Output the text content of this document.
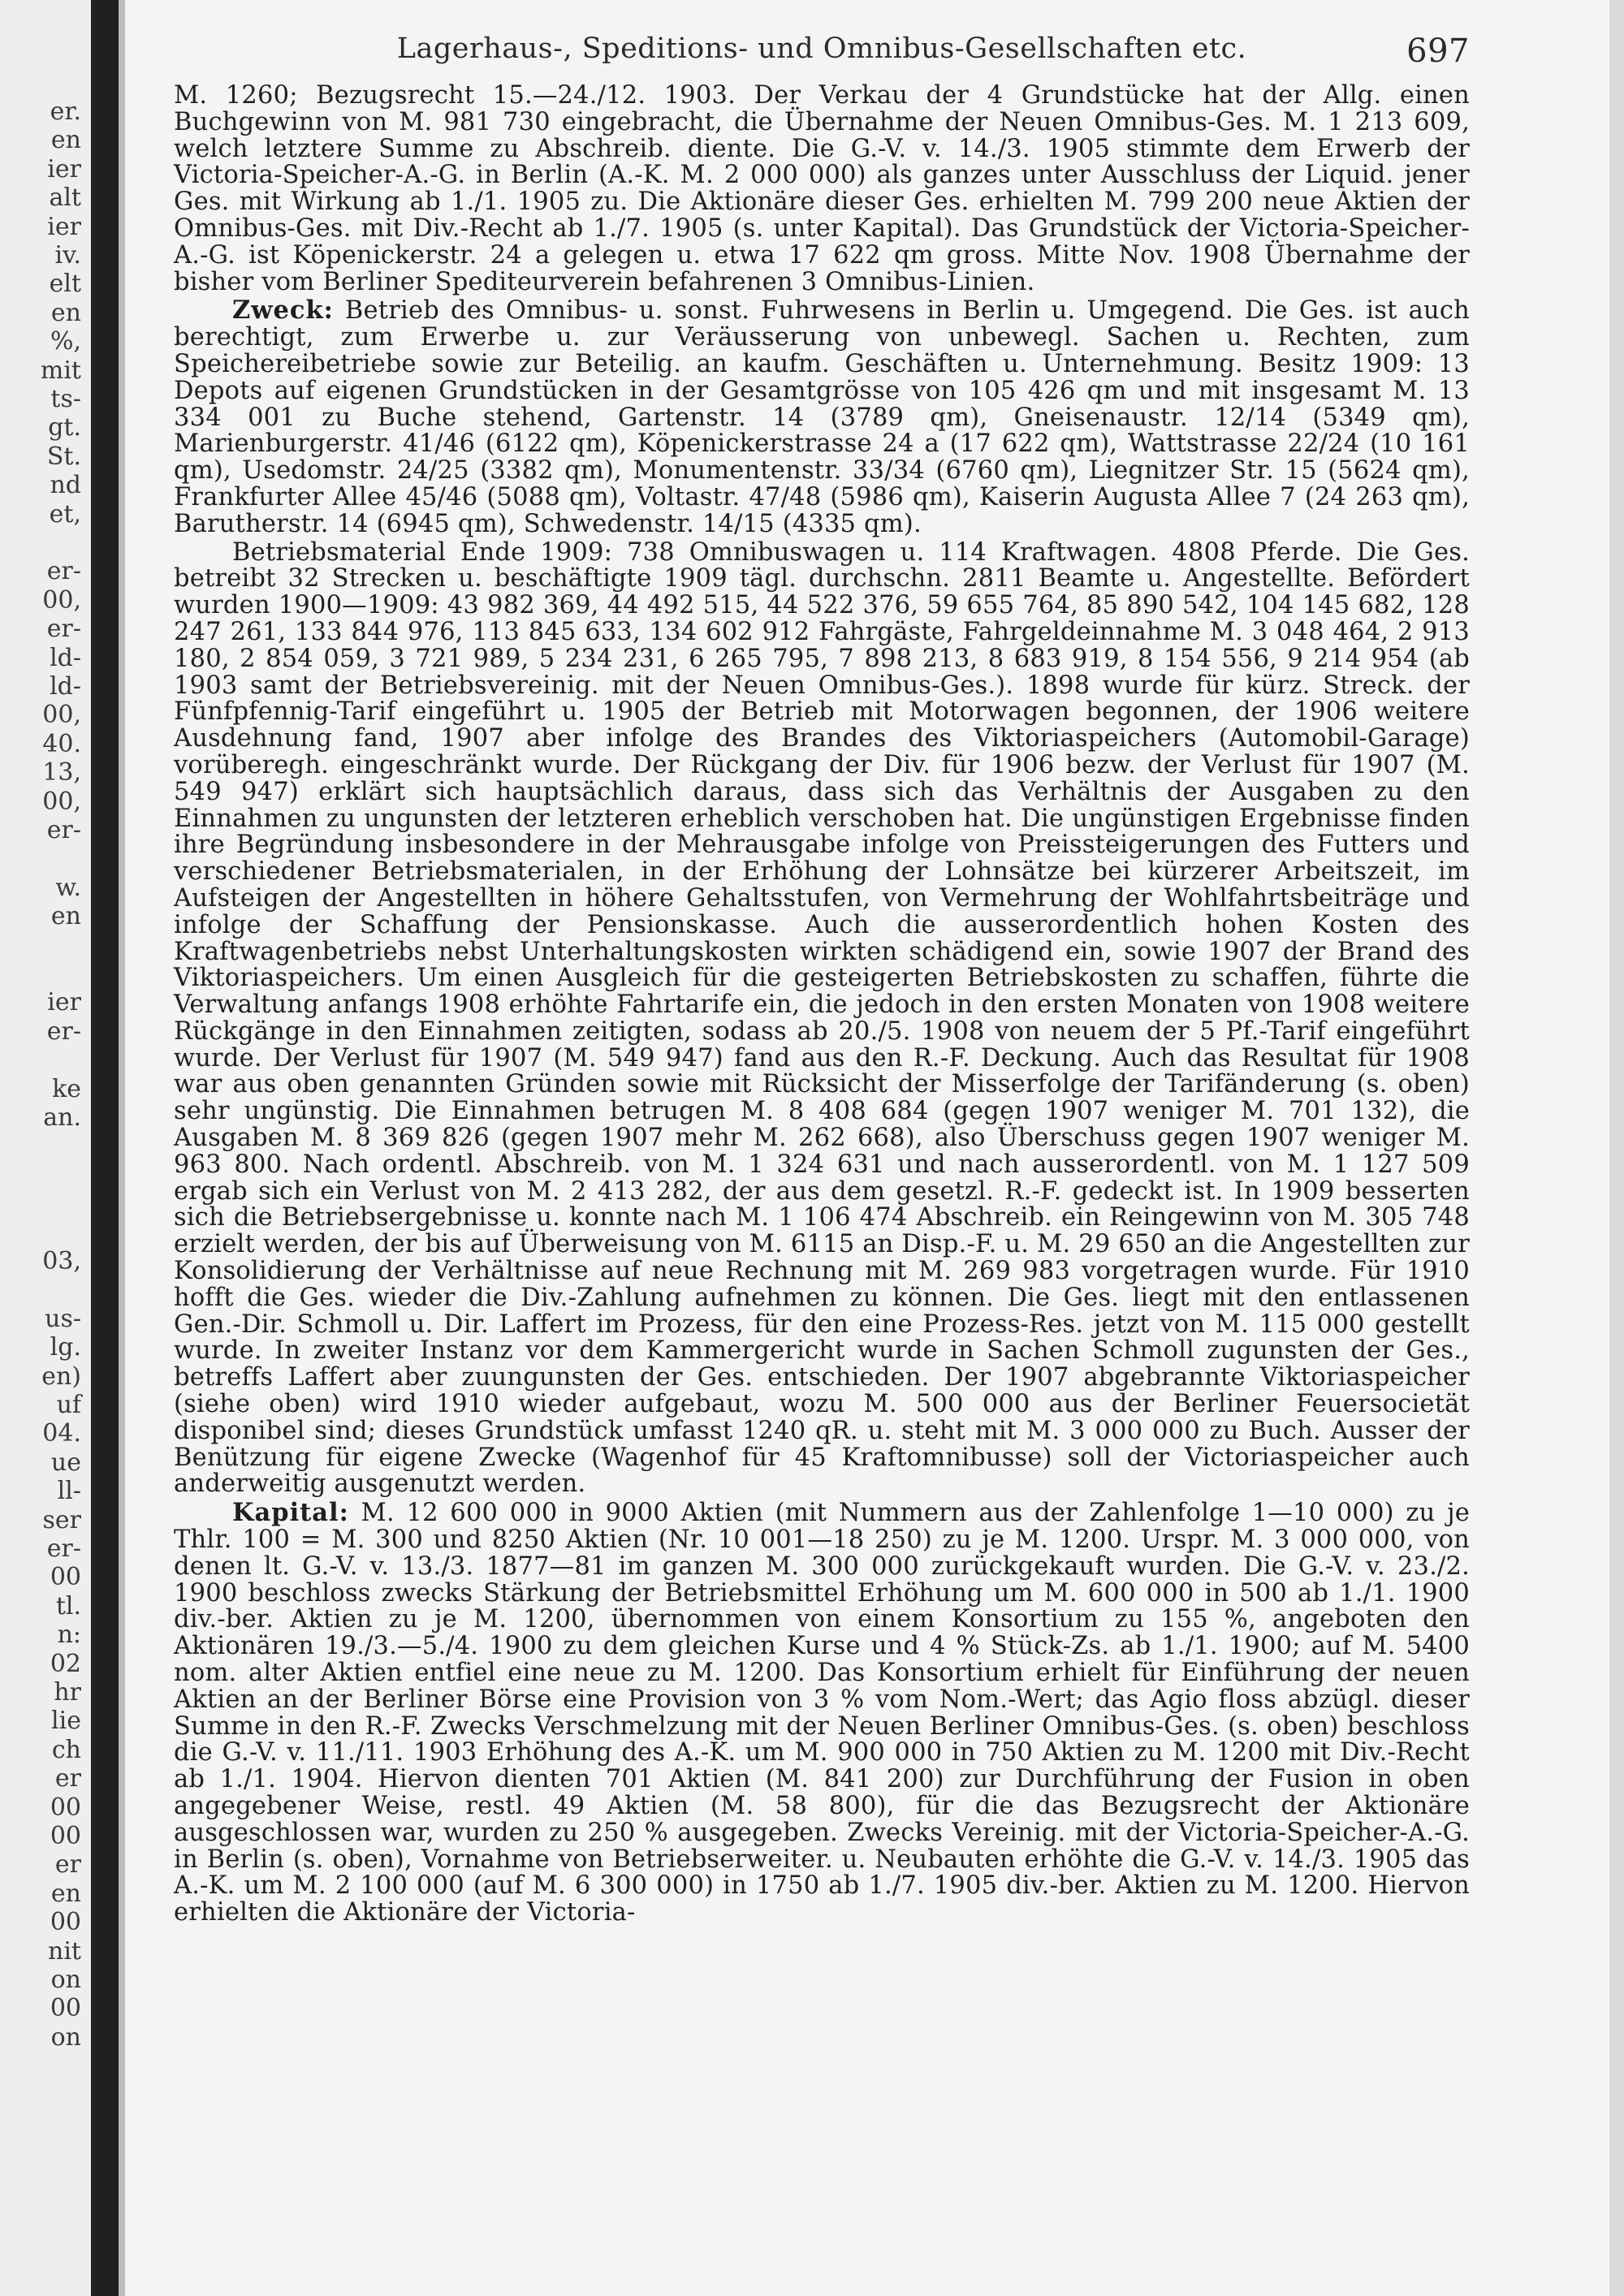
er.
en
ier
alt
ier
iv.
elt
en
%,
mit
ts-
gt.
St.
nd
et,
er-
00,
er-
ld-
ld-
00,
40.
13,
00,
er-
w.
en
ier
er-
ke
an.
03,
us-
lg.
en)
uf
04.
ue
ll-
ser
er-
00
tl.
n:
02
hr
lie
ch
er
00
00
er
en
00
nit
on
00
on
Lagerhaus-, Speditions- und Omnibus-Gesellschaften etc.	697

M. 1260; Bezugsrecht 15.—24./12. 1903. Der Verkau der 4 Grundstücke hat der Allg. einen Buchgewinn von M. 981 730 eingebracht, die Übernahme der Neuen Omnibus-Ges. M. 1 213 609, welch letztere Summe zu Abschreib. diente. Die G.-V. v. 14./3. 1905 stimmte dem Erwerb der Victoria-Speicher-A.-G. in Berlin (A.-K. M. 2 000 000) als ganzes unter Ausschluss der Liquid. jener Ges. mit Wirkung ab 1./1. 1905 zu. Die Aktionäre dieser Ges. erhielten M. 799 200 neue Aktien der Omnibus-Ges. mit Div.-Recht ab 1./7. 1905 (s. unter Kapital). Das Grundstück der Victoria-Speicher-A.-G. ist Köpenickerstr. 24 a gelegen u. etwa 17 622 qm gross. Mitte Nov. 1908 Übernahme der bisher vom Berliner Spediteurverein befahrenen 3 Omnibus-Linien.

Zweck: Betrieb des Omnibus- u. sonst. Fuhrwesens in Berlin u. Umgegend. Die Ges. ist auch berechtigt, zum Erwerbe u. zur Veräusserung von unbewegl. Sachen u. Rechten, zum Speichereibetriebe sowie zur Beteilig. an kaufm. Geschäften u. Unternehmung. Besitz 1909: 13 Depots auf eigenen Grundstücken in der Gesamtgrösse von 105 426 qm und mit insgesamt M. 13 334 001 zu Buche stehend, Gartenstr. 14 (3789 qm), Gneisenaustr. 12/14 (5349 qm), Marienburgerstr. 41/46 (6122 qm), Köpenickerstrasse 24 a (17 622 qm), Wattstrasse 22/24 (10 161 qm), Usedomstr. 24/25 (3382 qm), Monumentenstr. 33/34 (6760 qm), Liegnitzer Str. 15 (5624 qm), Frankfurter Allee 45/46 (5088 qm), Voltastr. 47/48 (5986 qm), Kaiserin Augusta Allee 7 (24 263 qm), Barutherstr. 14 (6945 qm), Schwedenstr. 14/15 (4335 qm).

Betriebsmaterial Ende 1909: 738 Omnibuswagen u. 114 Kraftwagen. 4808 Pferde. Die Ges. betreibt 32 Strecken u. beschäftigte 1909 tägl. durchschn. 2811 Beamte u. Angestellte. Befördert wurden 1900—1909: 43 982 369, 44 492 515, 44 522 376, 59 655 764, 85 890 542, 104 145 682, 128 247 261, 133 844 976, 113 845 633, 134 602 912 Fahrgäste, Fahrgeldeinnahme M. 3 048 464, 2 913 180, 2 854 059, 3 721 989, 5 234 231, 6 265 795, 7 898 213, 8 683 919, 8 154 556, 9 214 954 (ab 1903 samt der Betriebsvereinig. mit der Neuen Omnibus-Ges.). 1898 wurde für kürz. Streck. der Fünfpfennig-Tarif eingeführt u. 1905 der Betrieb mit Motorwagen begonnen, der 1906 weitere Ausdehnung fand, 1907 aber infolge des Brandes des Viktoriaspeichers (Automobil-Garage) vorüberegh. eingeschränkt wurde. Der Rückgang der Div. für 1906 bezw. der Verlust für 1907 (M. 549 947) erklärt sich hauptsächlich daraus, dass sich das Verhältnis der Ausgaben zu den Einnahmen zu ungunsten der letzteren erheblich verschoben hat. Die ungünstigen Ergebnisse finden ihre Begründung insbesondere in der Mehrausgabe infolge von Preissteigerungen des Futters und verschiedener Betriebsmaterialen, in der Erhöhung der Lohnsätze bei kürzerer Arbeitszeit, im Aufsteigen der Angestellten in höhere Gehaltsstufen, von Vermehrung der Wohlfahrtsbeiträge und infolge der Schaffung der Pensionskasse. Auch die ausserordentlich hohen Kosten des Kraftwagenbetriebs nebst Unterhaltungskosten wirkten schädigend ein, sowie 1907 der Brand des Viktoriaspeichers. Um einen Ausgleich für die gesteigerten Betriebskosten zu schaffen, führte die Verwaltung anfangs 1908 erhöhte Fahrtarife ein, die jedoch in den ersten Monaten von 1908 weitere Rückgänge in den Einnahmen zeitigten, sodass ab 20./5. 1908 von neuem der 5 Pf.-Tarif eingeführt wurde. Der Verlust für 1907 (M. 549 947) fand aus den R.-F. Deckung. Auch das Resultat für 1908 war aus oben genannten Gründen sowie mit Rücksicht der Misserfolge der Tarifänderung (s. oben) sehr ungünstig. Die Einnahmen betrugen M. 8 408 684 (gegen 1907 weniger M. 701 132), die Ausgaben M. 8 369 826 (gegen 1907 mehr M. 262 668), also Überschuss gegen 1907 weniger M. 963 800. Nach ordentl. Abschreib. von M. 1 324 631 und nach ausserordentl. von M. 1 127 509 ergab sich ein Verlust von M. 2 413 282, der aus dem gesetzl. R.-F. gedeckt ist. In 1909 besserten sich die Betriebsergebnisse u. konnte nach M. 1 106 474 Abschreib. ein Reingewinn von M. 305 748 erzielt werden, der bis auf Überweisung von M. 6115 an Disp.-F. u. M. 29 650 an die Angestellten zur Konsolidierung der Verhältnisse auf neue Rechnung mit M. 269 983 vorgetragen wurde. Für 1910 hofft die Ges. wieder die Div.-Zahlung aufnehmen zu können. Die Ges. liegt mit den entlassenen Gen.-Dir. Schmoll u. Dir. Laffert im Prozess, für den eine Prozess-Res. jetzt von M. 115 000 gestellt wurde. In zweiter Instanz vor dem Kammergericht wurde in Sachen Schmoll zugunsten der Ges., betreffs Laffert aber zuungunsten der Ges. entschieden. Der 1907 abgebrannte Viktoriaspeicher (siehe oben) wird 1910 wieder aufgebaut, wozu M. 500 000 aus der Berliner Feuersocietät disponibel sind; dieses Grundstück umfasst 1240 qR. u. steht mit M. 3 000 000 zu Buch. Ausser der Benützung für eigene Zwecke (Wagenhof für 45 Kraftomnibusse) soll der Victoriaspeicher auch anderweitig ausgenutzt werden.

Kapital: M. 12 600 000 in 9000 Aktien (mit Nummern aus der Zahlenfolge 1—10 000) zu je Thlr. 100 = M. 300 und 8250 Aktien (Nr. 10 001—18 250) zu je M. 1200. Urspr. M. 3 000 000, von denen lt. G.-V. v. 13./3. 1877—81 im ganzen M. 300 000 zurückgekauft wurden. Die G.-V. v. 23./2. 1900 beschloss zwecks Stärkung der Betriebsmittel Erhöhung um M. 600 000 in 500 ab 1./1. 1900 div.-ber. Aktien zu je M. 1200, übernommen von einem Konsortium zu 155 %, angeboten den Aktionären 19./3.—5./4. 1900 zu dem gleichen Kurse und 4 % Stück-Zs. ab 1./1. 1900; auf M. 5400 nom. alter Aktien entfiel eine neue zu M. 1200. Das Konsortium erhielt für Einführung der neuen Aktien an der Berliner Börse eine Provision von 3 % vom Nom.-Wert; das Agio floss abzügl. dieser Summe in den R.-F. Zwecks Verschmelzung mit der Neuen Berliner Omnibus-Ges. (s. oben) beschloss die G.-V. v. 11./11. 1903 Erhöhung des A.-K. um M. 900 000 in 750 Aktien zu M. 1200 mit Div.-Recht ab 1./1. 1904. Hiervon dienten 701 Aktien (M. 841 200) zur Durchführung der Fusion in oben angegebener Weise, restl. 49 Aktien (M. 58 800), für die das Bezugsrecht der Aktionäre ausgeschlossen war, wurden zu 250 % ausgegeben. Zwecks Vereinig. mit der Victoria-Speicher-A.-G. in Berlin (s. oben), Vornahme von Betriebserweiter. u. Neubauten erhöhte die G.-V. v. 14./3. 1905 das A.-K. um M. 2 100 000 (auf M. 6 300 000) in 1750 ab 1./7. 1905 div.-ber. Aktien zu M. 1200. Hiervon erhielten die Aktionäre der Victoria-
